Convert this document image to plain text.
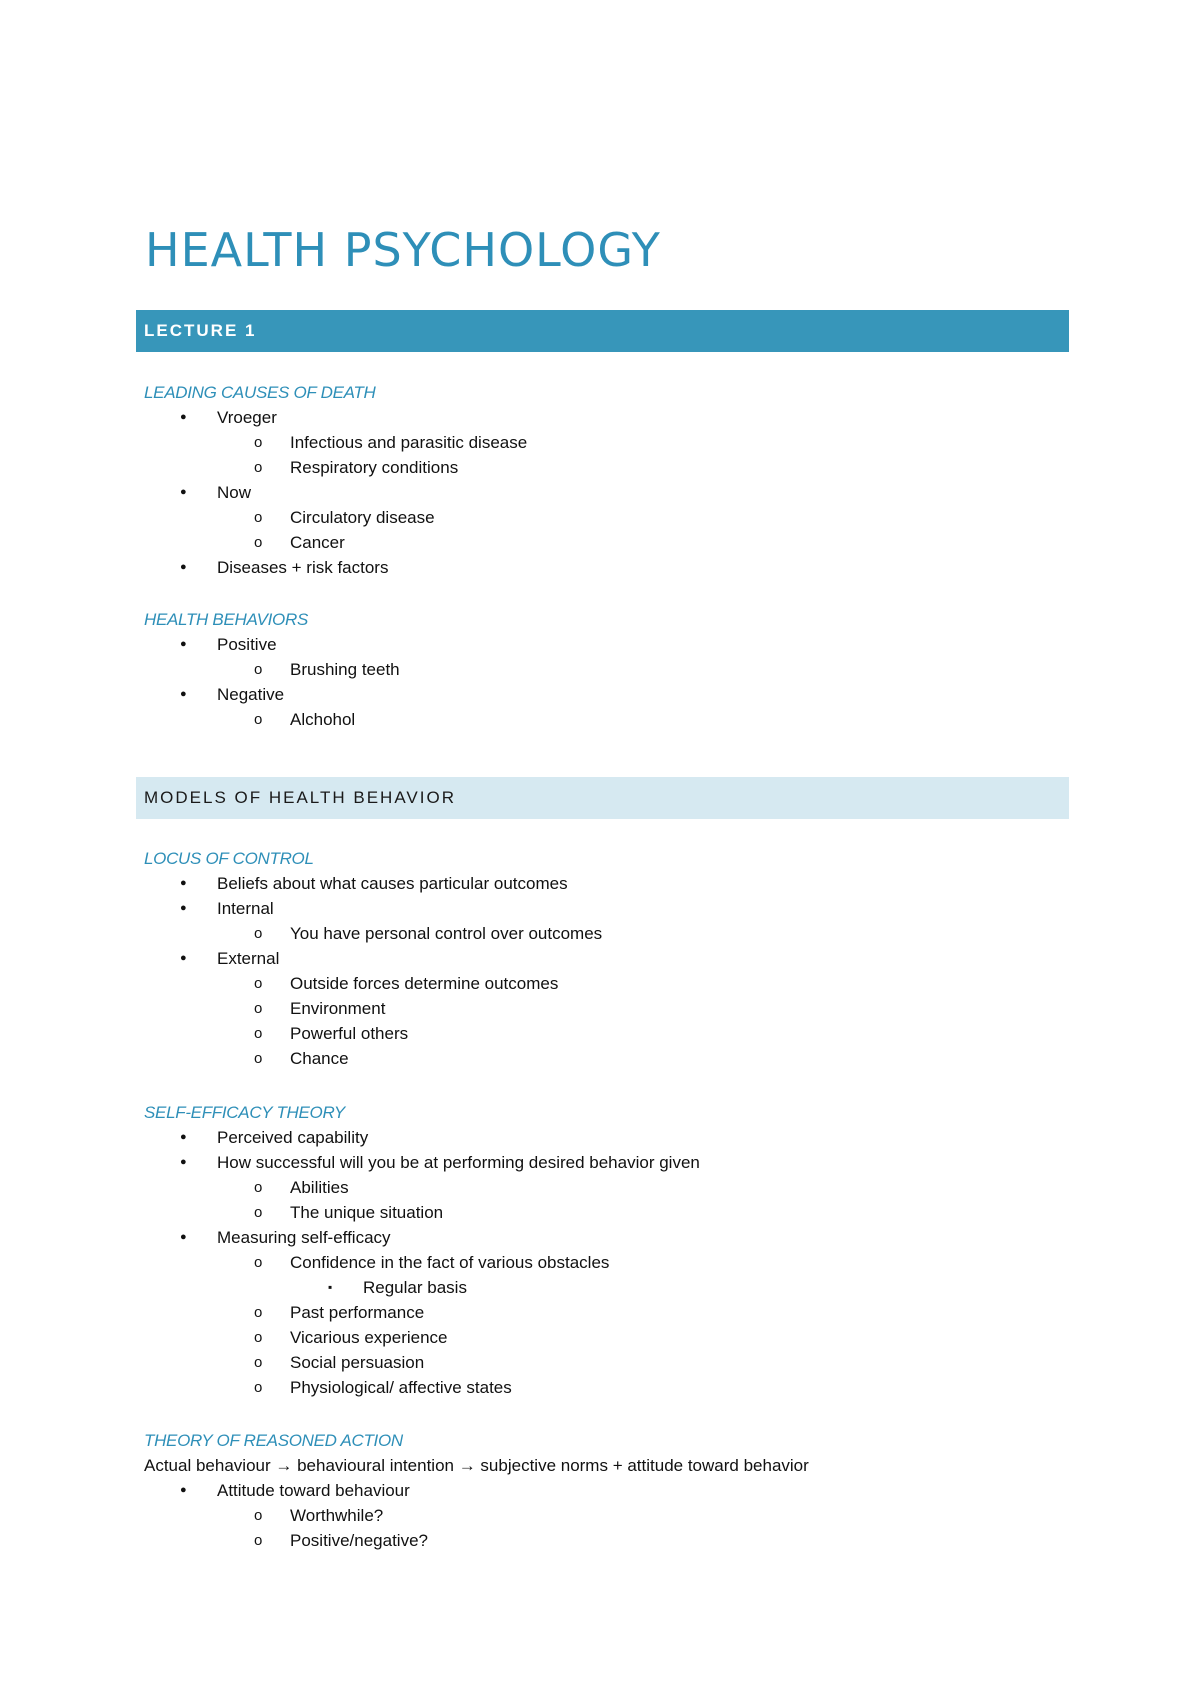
HEALTH PSYCHOLOGY
LECTURE 1
LEADING CAUSES OF DEATH
● Vroeger
o Infectious and parasitic disease
o Respiratory conditions
● Now
o Circulatory disease
o Cancer
● Diseases + risk factors
HEALTH BEHAVIORS
● Positive
o Brushing teeth
● Negative
o Alchohol
MODELS OF HEALTH BEHAVIOR
LOCUS OF CONTROL
● Beliefs about what causes particular outcomes
● Internal
o You have personal control over outcomes
● External
o Outside forces determine outcomes
o Environment
o Powerful others
o Chance
SELF-EFFICACY THEORY
● Perceived capability
● How successful will you be at performing desired behavior given
o Abilities
o The unique situation
● Measuring self-efficacy
o Confidence in the fact of various obstacles
▪ Regular basis
o Past performance
o Vicarious experience
o Social persuasion
o Physiological/ affective states
THEORY OF REASONED ACTION
Actual behaviour → behavioural intention → subjective norms + attitude toward behavior
● Attitude toward behaviour
o Worthwhile?
o Positive/negative?
